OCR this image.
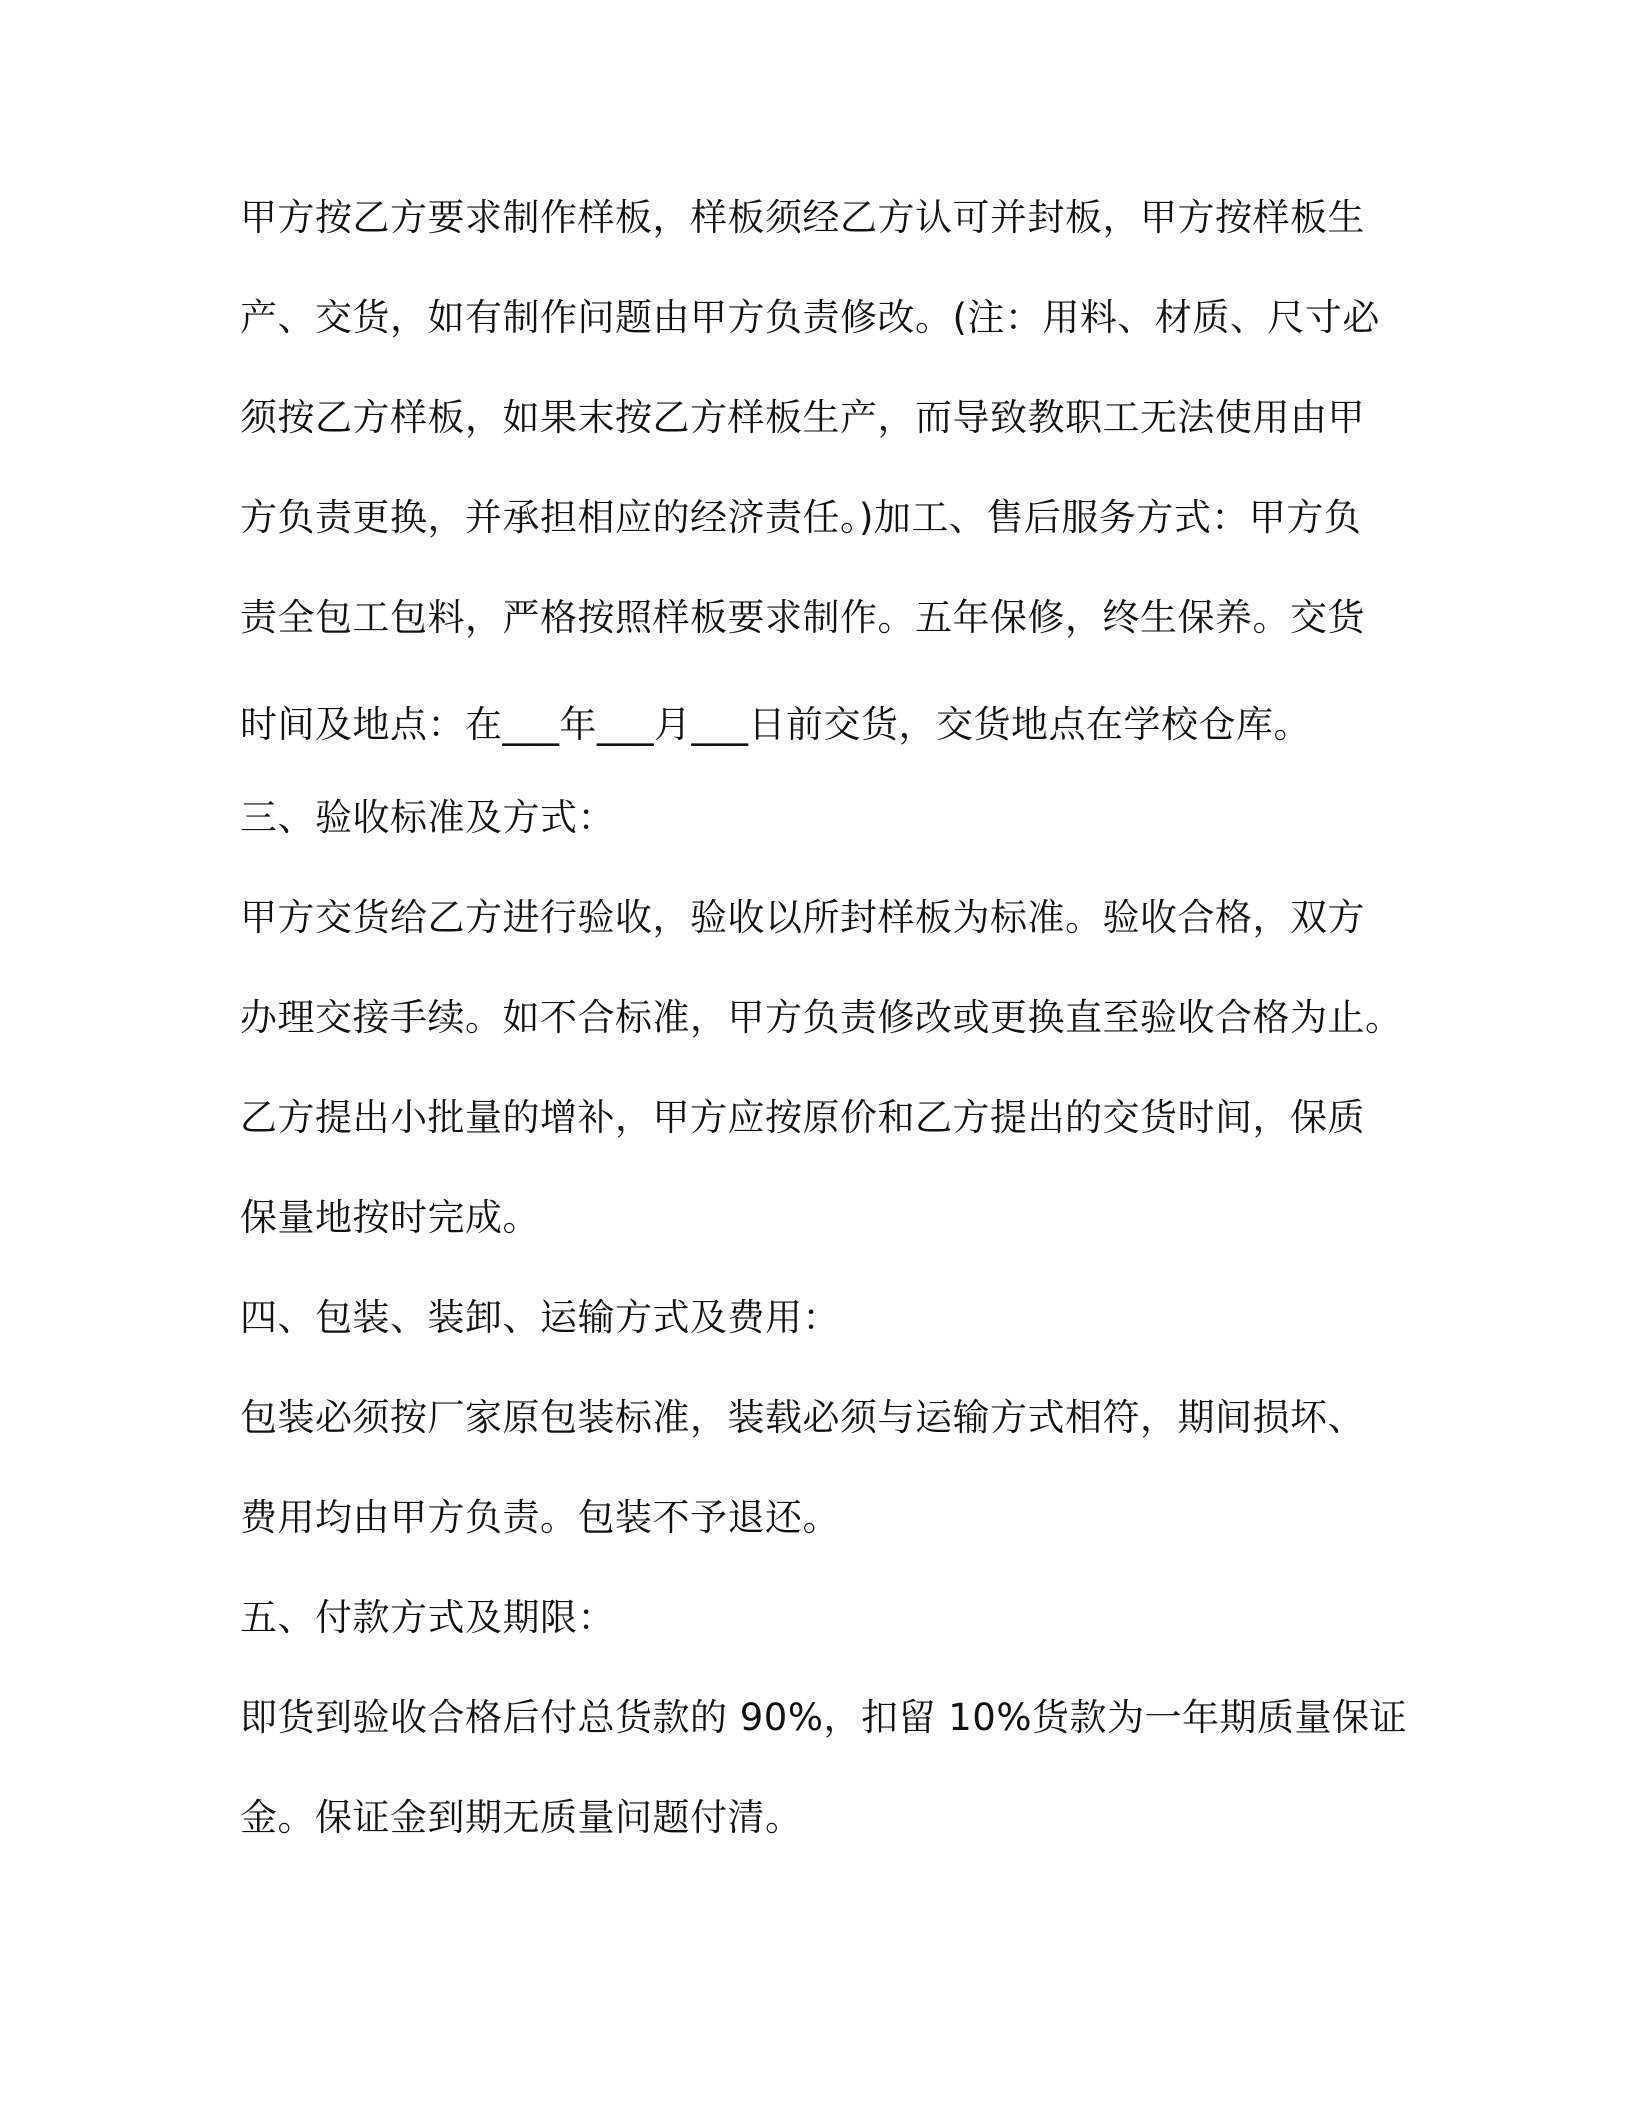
甲方按乙方要求制作样板，样板须经乙方认可并封板，甲方按样板生
产、交货，如有制作问题由甲方负责修改。(注：用料、材质、尺寸必
须按乙方样板，如果末按乙方样板生产，而导致教职工无法使用由甲
方负责更换，并承担相应的经济责任。)加工、售后服务方式：甲方负
责全包工包料，严格按照样板要求制作。五年保修，终生保养。交货
时间及地点：在___年___月___日前交货，交货地点在学校仓库。
三、验收标准及方式：
甲方交货给乙方进行验收，验收以所封样板为标准。验收合格，双方
办理交接手续。如不合标准，甲方负责修改或更换直至验收合格为止。
乙方提出小批量的增补，甲方应按原价和乙方提出的交货时间，保质
保量地按时完成。
四、包装、装卸、运输方式及费用：
包装必须按厂家原包装标准，装载必须与运输方式相符，期间损坏、
费用均由甲方负责。包装不予退还。
五、付款方式及期限：
即货到验收合格后付总货款的 90%，扣留 10%货款为一年期质量保证
金。保证金到期无质量问题付清。
